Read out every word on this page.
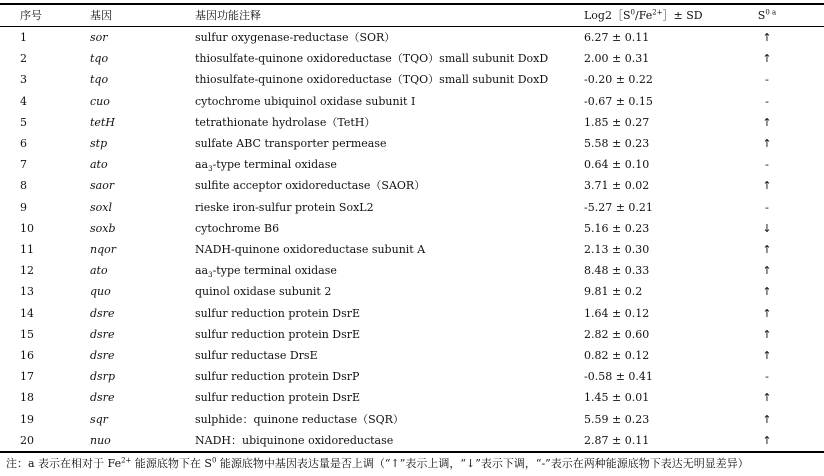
序号	基因	基因功能注释	$Log2[S^0/Fe^{2+}]\pm$ SD	$S^{0 a}$
1	sor	sulfur oxygenase-reductase（SOR）	6.27 ± 0.11	↑
2	tqo	thiosulfate-quinone oxidoreductase（TQO）small subunit DoxD	2.00 ± 0.31	↑
3	tqo	thiosulfate-quinone oxidoreductase（TQO）small subunit DoxD	-0.20 ± 0.22	-
4	cuo	cytochrome ubiquinol oxidase subunit I	-0.67 ± 0.15	-
5	tetH	tetrathionate hydrolase（TetH）	1.85 ± 0.27	↑
6	stp	sulfate ABC transporter permease	5.58 ± 0.23	↑
7	ato	$aa_3$-type terminal oxidase	0.64 ± 0.10	-
8	saor	sulfite acceptor oxidoreductase（SAOR）	3.71 ± 0.02	↑
9	soxl	rieske iron-sulfur protein SoxL2	-5.27 ± 0.21	-
10	soxb	cytochrome B6	5.16 ± 0.23	↓
11	nqor	NADH-quinone oxidoreductase subunit A	2.13 ± 0.30	↑
12	ato	$aa_3$-type terminal oxidase	8.48 ± 0.33	↑
13	quo	quinol oxidase subunit 2	9.81 ± 0.2	↑
14	dsre	sulfur reduction protein DsrE	1.64 ± 0.12	↑
15	dsre	sulfur reduction protein DsrE	2.82 ± 0.60	↑
16	dsre	sulfur reductase DrsE	0.82 ± 0.12	↑
17	dsrp	sulfur reduction protein DsrP	-0.58 ± 0.41	-
18	dsre	sulfur reduction protein DsrE	1.45 ± 0.01	↑
19	sqr	sulphide：quinone reductase（SQR）	5.59 ± 0.23	↑
20	nuo	NADH：ubiquinone oxidoreductase	2.87 ± 0.11	↑
注：a 表示在相对于 $Fe^{2+}$ 能源底物下在 $S^0$ 能源底物中基因表达量是否上调（“↑”表示上调，“↓”表示下调，“-”表示在两种能源底物下表达无明显差异）
